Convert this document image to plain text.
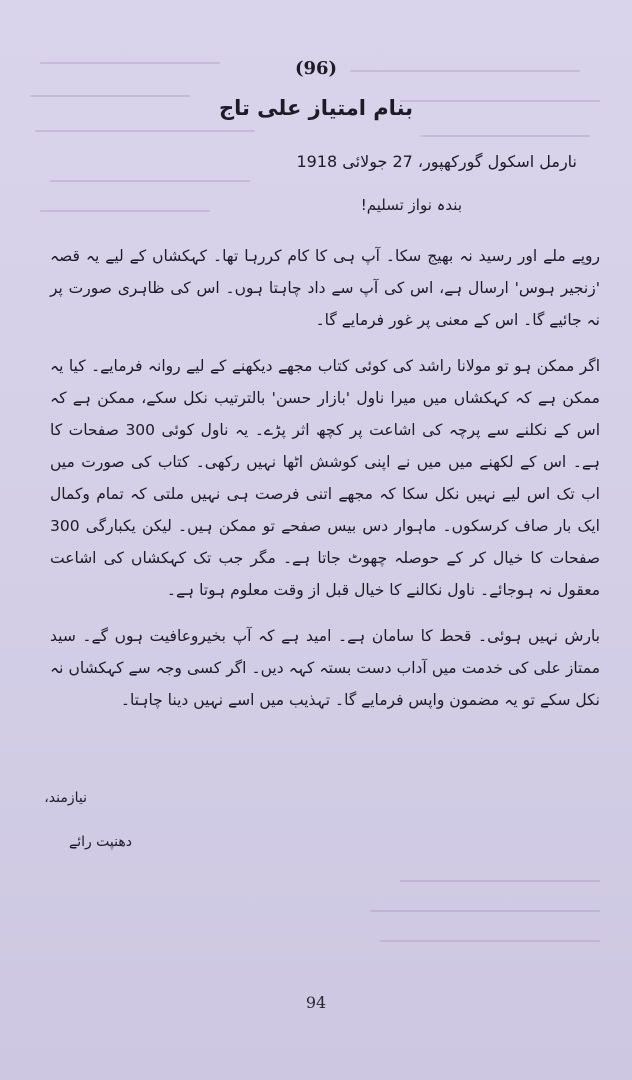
(96)
بنام امتیاز علی تاج
نارمل اسکول گورکھپور، 27 جولائی 1918
بندہ نواز تسلیم!

روپے ملے اور رسید نہ بھیج سکا۔ آپ ہی کا کام کررہا تھا۔ کہکشاں کے لیے یہ قصہ 'زنجیر ہوس' ارسال ہے، اس کی آپ سے داد چاہتا ہوں۔ اس کی ظاہری صورت پر نہ جائیے گا۔ اس کے معنی پر غور فرمایے گا۔

اگر ممکن ہو تو مولانا راشد کی کوئی کتاب مجھے دیکھنے کے لیے روانہ فرمایے۔ کیا یہ ممکن ہے کہ کہکشاں میں میرا ناول 'بازار حسن' بالترتیب نکل سکے، ممکن ہے کہ اس کے نکلنے سے پرچہ کی اشاعت پر کچھ اثر پڑے۔ یہ ناول کوئی 300 صفحات کا ہے۔ اس کے لکھنے میں میں نے اپنی کوشش اٹھا نہیں رکھی۔ کتاب کی صورت میں اب تک اس لیے نہیں نکل سکا کہ مجھے اتنی فرصت ہی نہیں ملتی کہ تمام وکمال ایک بار صاف کرسکوں۔ ماہوار دس بیس صفحے تو ممکن ہیں۔ لیکن یکبارگی 300 صفحات کا خیال کر کے حوصلہ چھوٹ جاتا ہے۔ مگر جب تک کہکشاں کی اشاعت معقول نہ ہوجائے۔ ناول نکالنے کا خیال قبل از وقت معلوم ہوتا ہے۔

بارش نہیں ہوئی۔ قحط کا سامان ہے۔ امید ہے کہ آپ بخیروعافیت ہوں گے۔ سید ممتاز علی کی خدمت میں آداب دست بستہ کہہ دیں۔ اگر کسی وجہ سے کہکشاں نہ نکل سکے تو یہ مضمون واپس فرمایے گا۔ تہذیب میں اسے نہیں دینا چاہتا۔

نیازمند،
دھنپت رائے
94
